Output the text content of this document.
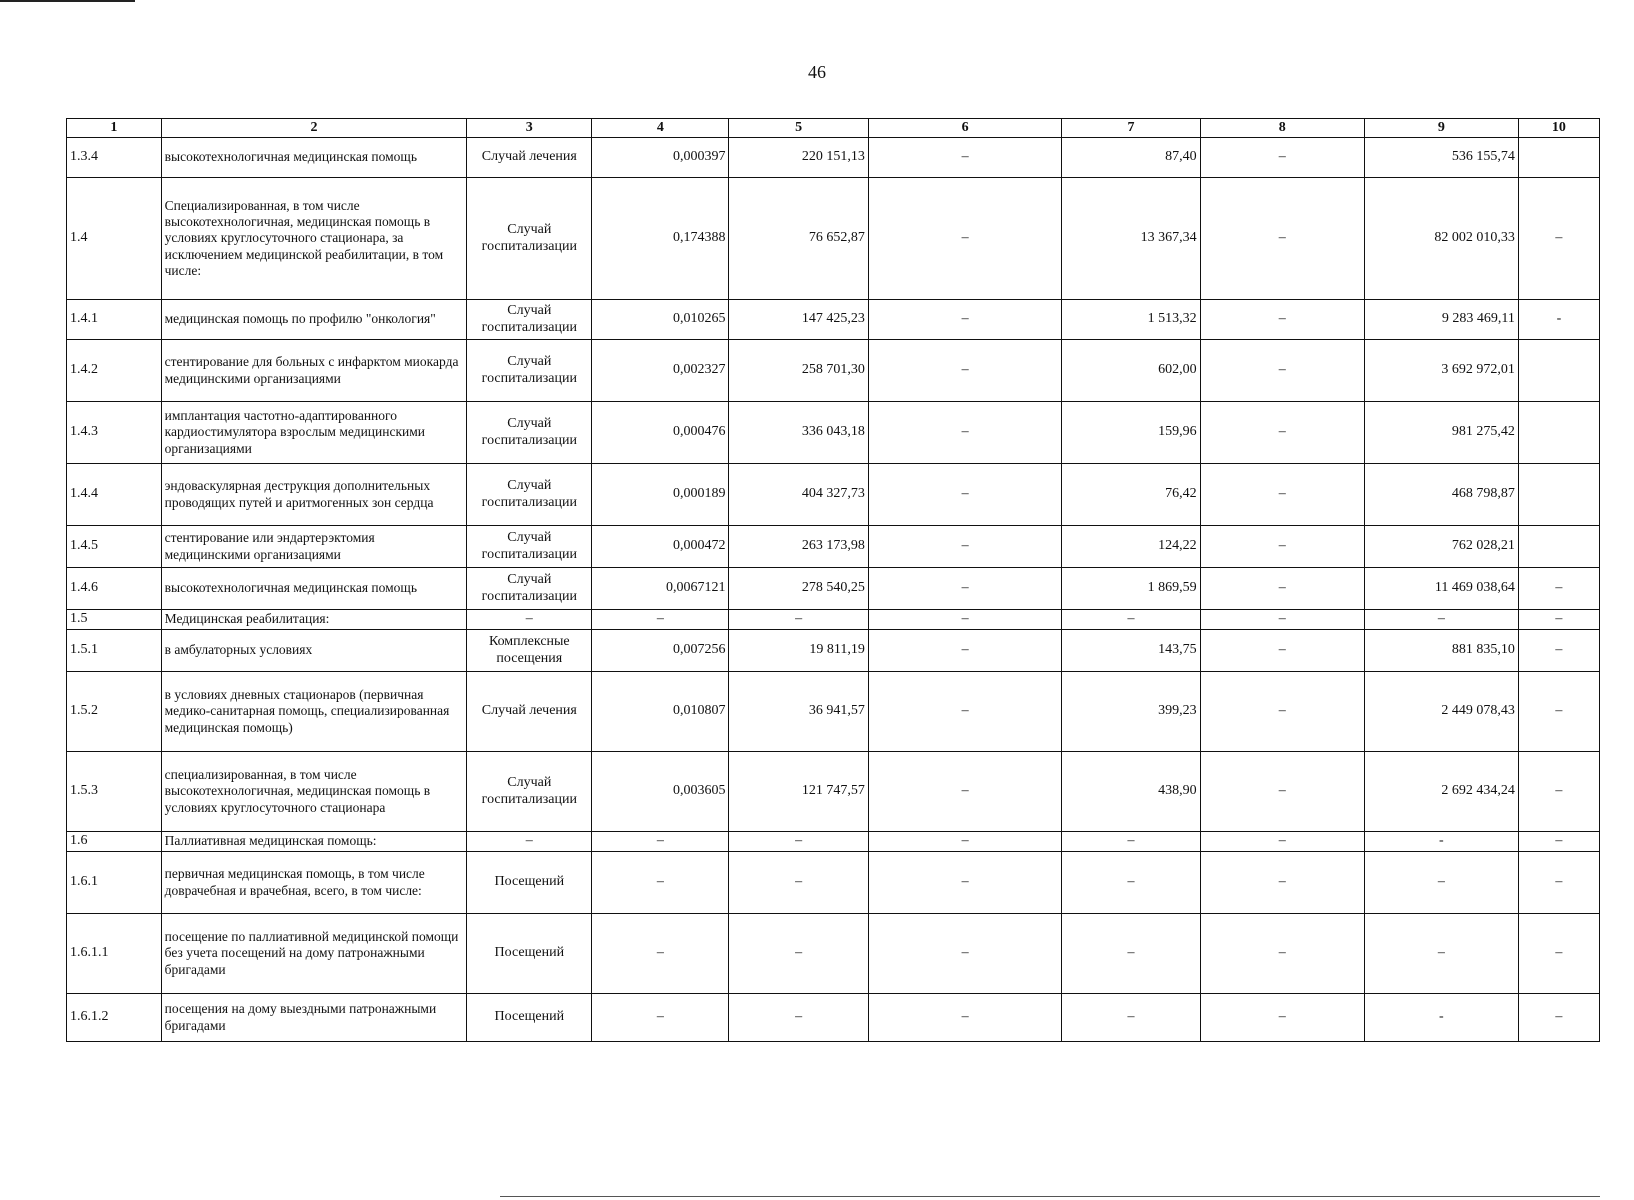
46
1	2	3	4	5	6	7	8	9	10
1.3.4	высокотехнологичная медицинская помощь	Случай лечения	0,000397	220 151,13	–	87,40	–	536 155,74	
1.4	Специализированная, в том числе высокотехнологичная, медицинская помощь в условиях круглосуточного стационара, за исключением медицинской реабилитации, в том числе:	Случай госпитализации	0,174388	76 652,87	–	13 367,34	–	82 002 010,33	–
1.4.1	медицинская помощь по профилю "онкология"	Случай госпитализации	0,010265	147 425,23	–	1 513,32	–	9 283 469,11	-
1.4.2	стентирование для больных с инфарктом миокарда медицинскими организациями	Случай госпитализации	0,002327	258 701,30	–	602,00	–	3 692 972,01	
1.4.3	имплантация частотно-адаптированного кардиостимулятора взрослым медицинскими организациями	Случай госпитализации	0,000476	336 043,18	–	159,96	–	981 275,42	
1.4.4	эндоваскулярная деструкция дополнительных проводящих путей и аритмогенных зон сердца	Случай госпитализации	0,000189	404 327,73	–	76,42	–	468 798,87	
1.4.5	стентирование или эндартерэктомия медицинскими организациями	Случай госпитализации	0,000472	263 173,98	–	124,22	–	762 028,21	
1.4.6	высокотехнологичная медицинская помощь	Случай госпитализации	0,0067121	278 540,25	–	1 869,59	–	11 469 038,64	–
1.5	Медицинская реабилитация:	–	–	–	–	–	–	–	–
1.5.1	в амбулаторных условиях	Комплексные посещения	0,007256	19 811,19	–	143,75	–	881 835,10	–
1.5.2	в условиях дневных стационаров (первичная медико-санитарная помощь, специализированная медицинская помощь)	Случай лечения	0,010807	36 941,57	–	399,23	–	2 449 078,43	–
1.5.3	специализированная, в том числе высокотехнологичная, медицинская помощь в условиях круглосуточного стационара	Случай госпитализации	0,003605	121 747,57	–	438,90	–	2 692 434,24	–
1.6	Паллиативная медицинская помощь:	–	–	–	–	–	–	-	–
1.6.1	первичная медицинская помощь, в том числе доврачебная и врачебная, всего, в том числе:	Посещений	–	–	–	–	–	–	–
1.6.1.1	посещение по паллиативной медицинской помощи без учета посещений на дому патронажными бригадами	Посещений	–	–	–	–	–	–	–
1.6.1.2	посещения на дому выездными патронажными бригадами	Посещений	–	–	–	–	–	-	–
